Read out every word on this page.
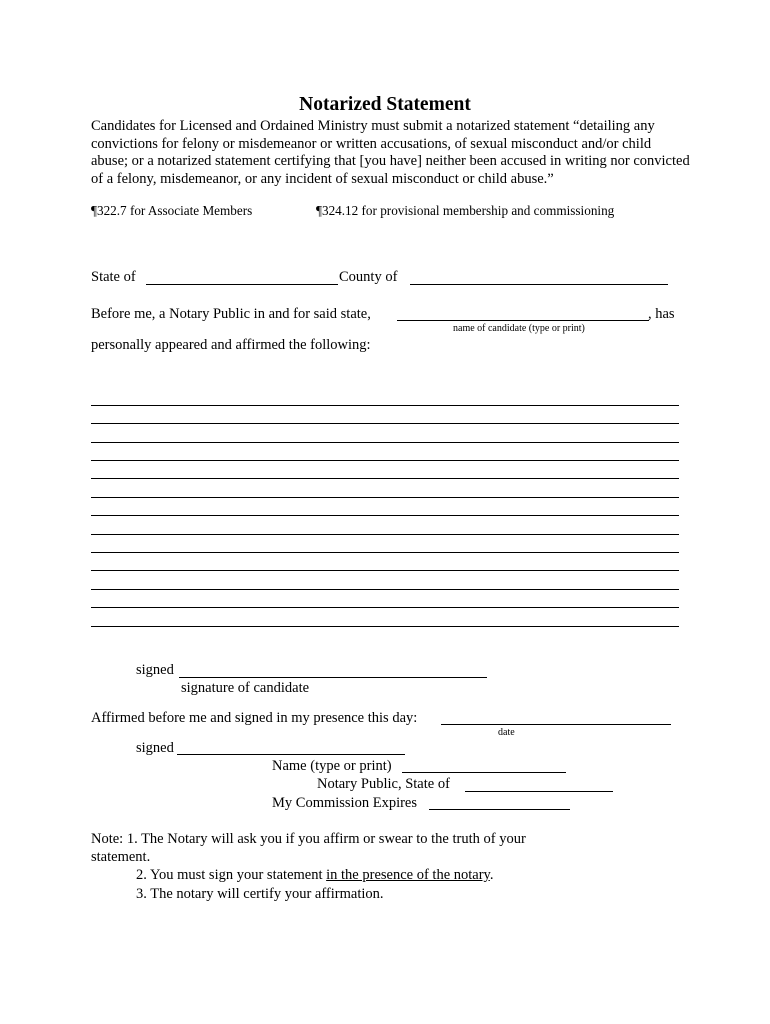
Notarized Statement
Candidates for Licensed and Ordained Ministry must submit a notarized statement “detailing any convictions for felony or misdemeanor or written accusations, of sexual misconduct and/or child abuse; or a notarized statement certifying that [you have] neither been accused in writing nor convicted of a felony, misdemeanor, or any incident of sexual misconduct or child abuse.”
¶322.7 for Associate Members	¶324.12 for provisional membership and commissioning
State of	County of
Before me, a Notary Public in and for said state,	, has
name of candidate (type or print)
personally appeared and affirmed the following:
signed
signature of candidate
Affirmed before me and signed in my presence this day:
date
signed
Name (type or print)
Notary Public, State of
My Commission Expires
Note: 1. The Notary will ask you if you affirm or swear to the truth of your
statement.
2. You must sign your statement in the presence of the notary.
3. The notary will certify your affirmation.
